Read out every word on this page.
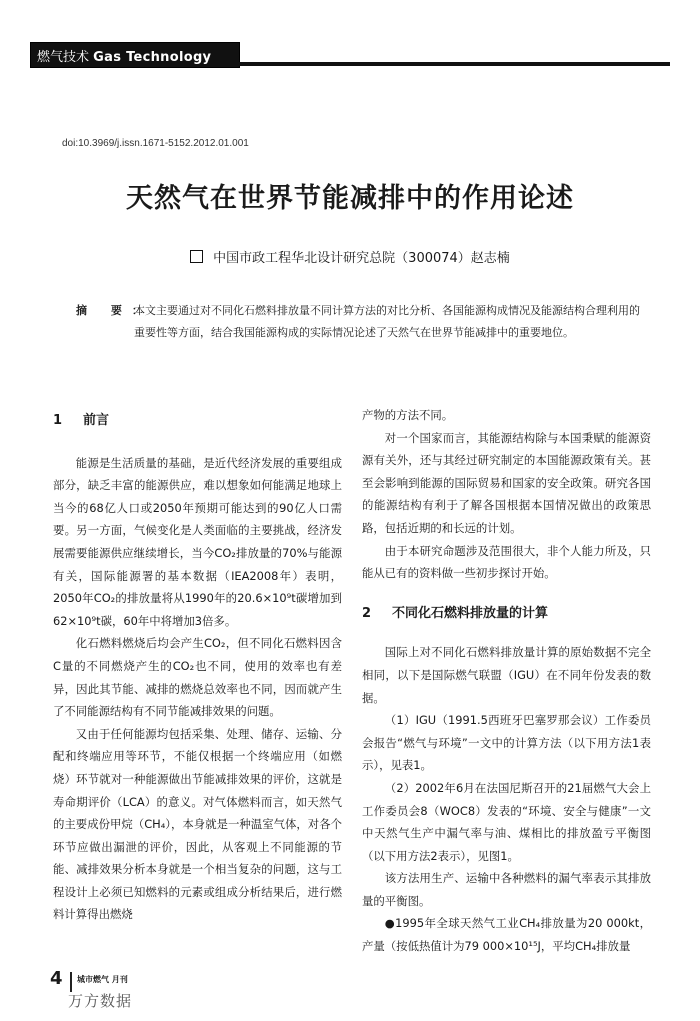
燃气技术 Gas Technology
doi:10.3969/j.issn.1671-5152.2012.01.001
天然气在世界节能减排中的作用论述
中国市政工程华北设计研究总院（300074）赵志楠
摘 要：
本文主要通过对不同化石燃料排放量不同计算方法的对比分析、各国能源构成情况及能源结构合理利用的重要性等方面，结合我国能源构成的实际情况论述了天然气在世界节能减排中的重要地位。
1 前言

能源是生活质量的基础，是近代经济发展的重要组成部分，缺乏丰富的能源供应，难以想象如何能满足地球上当今的68亿人口或2050年预期可能达到的90亿人口需要。另一方面，气候变化是人类面临的主要挑战，经济发展需要能源供应继续增长，当今CO₂排放量的70%与能源有关，国际能源署的基本数据（IEA2008年）表明，2050年CO₂的排放量将从1990年的20.6×10⁹t碳增加到62×10⁹t碳，60年中将增加3倍多。

化石燃料燃烧后均会产生CO₂，但不同化石燃料因含C量的不同燃烧产生的CO₂也不同，使用的效率也有差异，因此其节能、减排的燃烧总效率也不同，因而就产生了不同能源结构有不同节能减排效果的问题。

又由于任何能源均包括采集、处理、储存、运输、分配和终端应用等环节，不能仅根据一个终端应用（如燃烧）环节就对一种能源做出节能减排效果的评价，这就是寿命期评价（LCA）的意义。对气体燃料而言，如天然气的主要成份甲烷（CH₄），本身就是一种温室气体，对各个环节应做出漏泄的评价，因此，从客观上不同能源的节能、减排效果分析本身就是一个相当复杂的问题，这与工程设计上必须已知燃料的元素或组成分析结果后，进行燃料计算得出燃烧

产物的方法不同。

对一个国家而言，其能源结构除与本国秉赋的能源资源有关外，还与其经过研究制定的本国能源政策有关。甚至会影响到能源的国际贸易和国家的安全政策。研究各国的能源结构有利于了解各国根据本国情况做出的政策思路，包括近期的和长远的计划。

由于本研究命题涉及范围很大，非个人能力所及，只能从已有的资料做一些初步探讨开始。

2 不同化石燃料排放量的计算

国际上对不同化石燃料排放量计算的原始数据不完全相同，以下是国际燃气联盟（IGU）在不同年份发表的数据。

（1）IGU（1991.5西班牙巴塞罗那会议）工作委员会报告“燃气与环境”一文中的计算方法（以下用方法1表示），见表1。

（2）2002年6月在法国尼斯召开的21届燃气大会上工作委员会8（WOC8）发表的“环境、安全与健康”一文中天然气生产中漏气率与油、煤相比的排放盈亏平衡图（以下用方法2表示），见图1。

该方法用生产、运输中各种燃料的漏气率表示其排放量的平衡图。

●1995年全球天然气工业CH₄排放量为20 000kt，产量（按低热值计为79 000×10¹⁵J，平均CH₄排放量

4 城市燃气 月刊
万方数据
